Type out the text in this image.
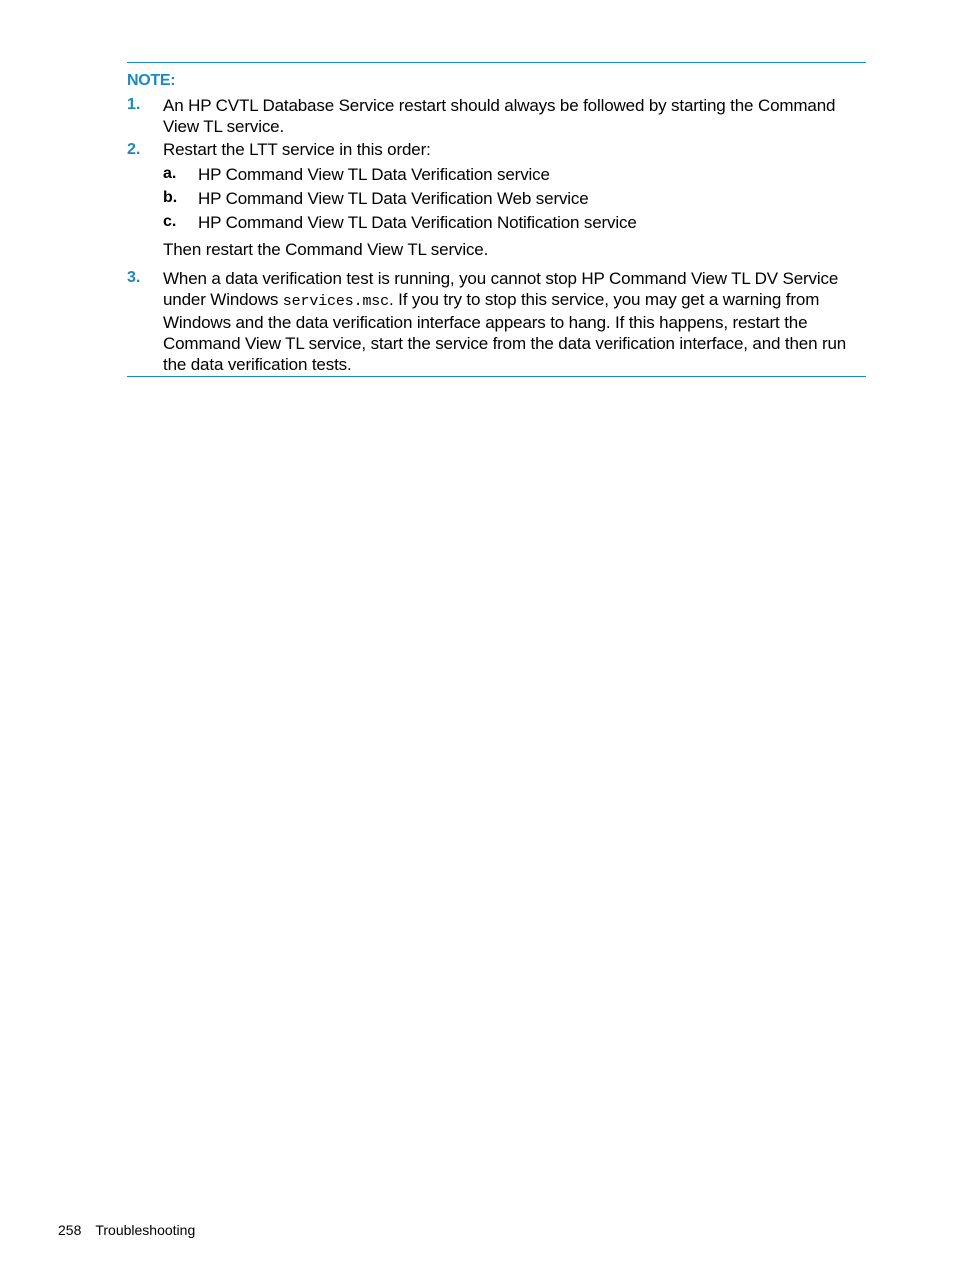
NOTE:
1. An HP CVTL Database Service restart should always be followed by starting the Command View TL service.
2. Restart the LTT service in this order:
a. HP Command View TL Data Verification service
b. HP Command View TL Data Verification Web service
c. HP Command View TL Data Verification Notification service
Then restart the Command View TL service.
3. When a data verification test is running, you cannot stop HP Command View TL DV Service under Windows services.msc. If you try to stop this service, you may get a warning from Windows and the data verification interface appears to hang. If this happens, restart the Command View TL service, start the service from the data verification interface, and then run the data verification tests.
258 Troubleshooting
